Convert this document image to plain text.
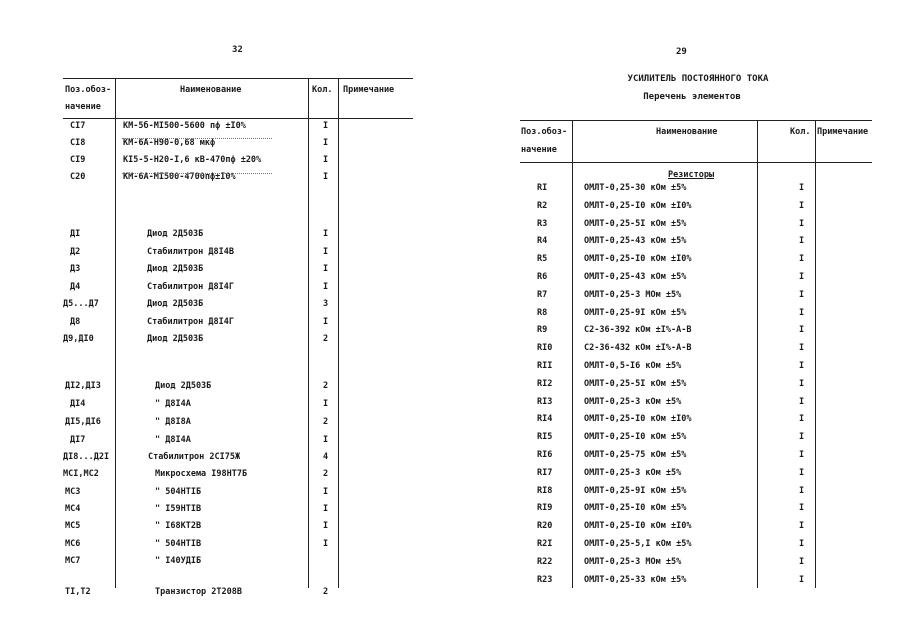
32
Поз.обоз-
начение
Наименование	Кол. Примечание
CI7	КМ-5б-МI500-5600 пф ±I0%	I
CI8	КМ-6А-Н90-0,68 мкф	I
CI9	КI5-5-Н20-I,6 кВ-470пф ±20%	I
C20	КМ-6А-МI500-4700пф±I0%	I
ДI	Диод 2Д503Б	I
Д2	Стабилитрон Д8I4В	I
Д3	Диод 2Д503Б	I
Д4	Стабилитрон Д8I4Г	I
Д5...Д7	Диод 2Д503Б	3
Д8	Стабилитрон Д8I4Г	I
Д9,ДI0	Диод 2Д503Б	2
ДI2,ДI3	Диод 2Д503Б	2
ДI4	" Д8I4А	I
ДI5,ДI6	" Д8I8А	2
ДI7	" Д8I4А	I
ДI8...Д2I	Стабилитрон 2СI75Ж	4
МСI,МС2	Микросхема I98НТ7Б	2
МС3	" 504НТIБ	I
МС4	" I59НТIВ	I
МС5	" I68КТ2В	I
МС6	" 504НТIВ	I
МС7	" I40УДIБ
ТI,Т2	Транзистор 2Т208В	2
29
УСИЛИТЕЛЬ ПОСТОЯННОГО ТОКА
Перечень элементов
Поз.обоз-
начение
Наименование	Кол. Примечание
Резисторы
RI	ОМЛТ-0,25-30 кОм ±5%	I
R2	ОМЛТ-0,25-I0 кОм ±I0%	I
R3	ОМЛТ-0,25-5I кОм ±5%	I
R4	ОМЛТ-0,25-43 кОм ±5%	I
R5	ОМЛТ-0,25-I0 кОм ±I0%	I
R6	ОМЛТ-0,25-43 кОм ±5%	I
R7	ОМЛТ-0,25-3 МОм ±5%	I
R8	ОМЛТ-0,25-9I кОм ±5%	I
R9	С2-36-392 кОм ±I%-А-В	I
RI0	С2-36-432 кОм ±I%-А-В	I
RII	ОМЛТ-0,5-I6 кОм ±5%	I
RI2	ОМЛТ-0,25-5I кОм ±5%	I
RI3	ОМЛТ-0,25-3 кОм ±5%	I
RI4	ОМЛТ-0,25-I0 кОм ±I0%	I
RI5	ОМЛТ-0,25-I0 кОм ±5%	I
RI6	ОМЛТ-0,25-75 кОм ±5%	I
RI7	ОМЛТ-0,25-3 кОм ±5%	I
RI8	ОМЛТ-0,25-9I кОм ±5%	I
RI9	ОМЛТ-0,25-I0 кОм ±5%	I
R20	ОМЛТ-0,25-I0 кОм ±I0%	I
R2I	ОМЛТ-0,25-5,I кОм ±5%	I
R22	ОМЛТ-0,25-3 МОм ±5%	I
R23	ОМЛТ-0,25-33 кОм ±5%	I
